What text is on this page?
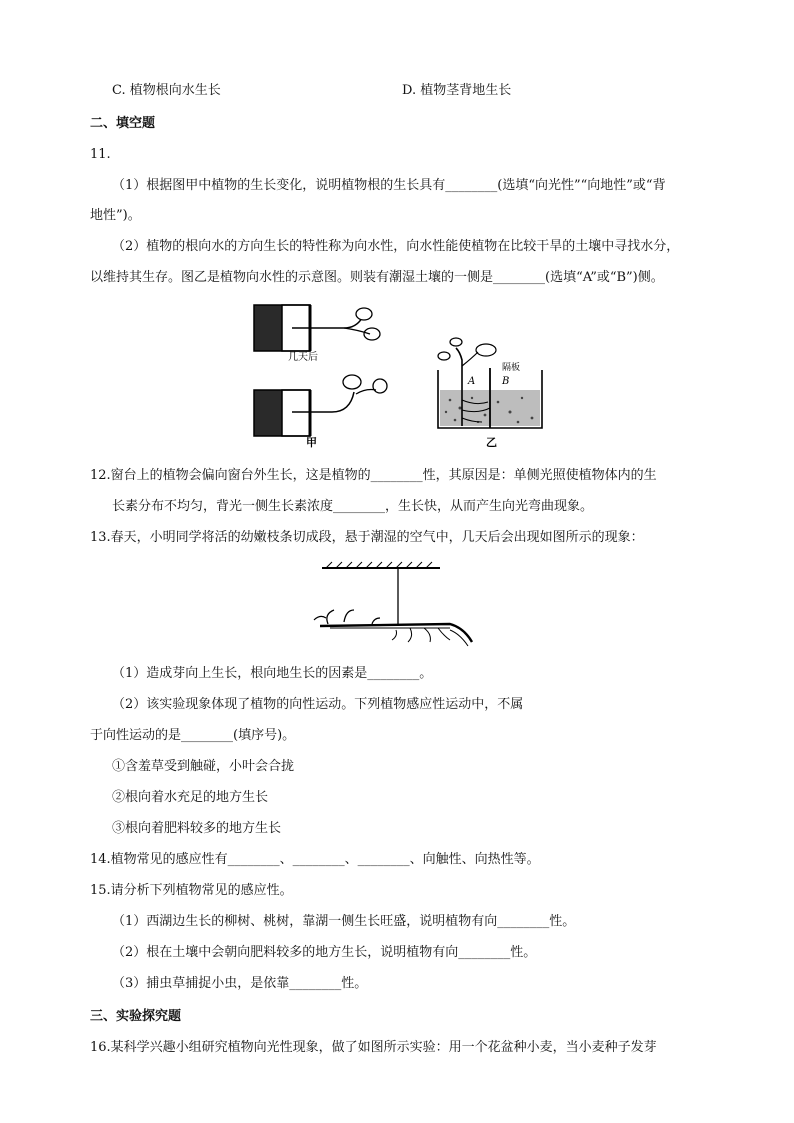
C. 植物根向水生长	D. 植物茎背地生长
二、填空题
11.
（1）根据图甲中植物的生长变化，说明植物根的生长具有________(选填“向光性”“向地性”或“背
地性”)。
（2）植物的根向水的方向生长的特性称为向水性，向水性能使植物在比较干旱的土壤中寻找水分，
以维持其生存。图乙是植物向水性的示意图。则装有潮湿土壤的一侧是________(选填“A”或“B”)侧。
几天后
甲
A	B
隔板
乙
12.窗台上的植物会偏向窗台外生长，这是植物的________性，其原因是：单侧光照使植物体内的生
长素分布不均匀，背光一侧生长素浓度________，生长快，从而产生向光弯曲现象。
13.春天，小明同学将活的幼嫩枝条切成段，悬于潮湿的空气中，几天后会出现如图所示的现象：
（1）造成芽向上生长，根向地生长的因素是________。
（2）该实验现象体现了植物的向性运动。下列植物感应性运动中，不属
于向性运动的是________(填序号)。
①含羞草受到触碰，小叶会合拢
②根向着水充足的地方生长
③根向着肥料较多的地方生长
14.植物常见的感应性有________、________、________、向触性、向热性等。
15.请分析下列植物常见的感应性。
（1）西湖边生长的柳树、桃树，靠湖一侧生长旺盛，说明植物有向________性。
（2）根在土壤中会朝向肥料较多的地方生长，说明植物有向________性。
（3）捕虫草捕捉小虫，是依靠________性。
三、实验探究题
16.某科学兴趣小组研究植物向光性现象，做了如图所示实验：用一个花盆种小麦，当小麦种子发芽
